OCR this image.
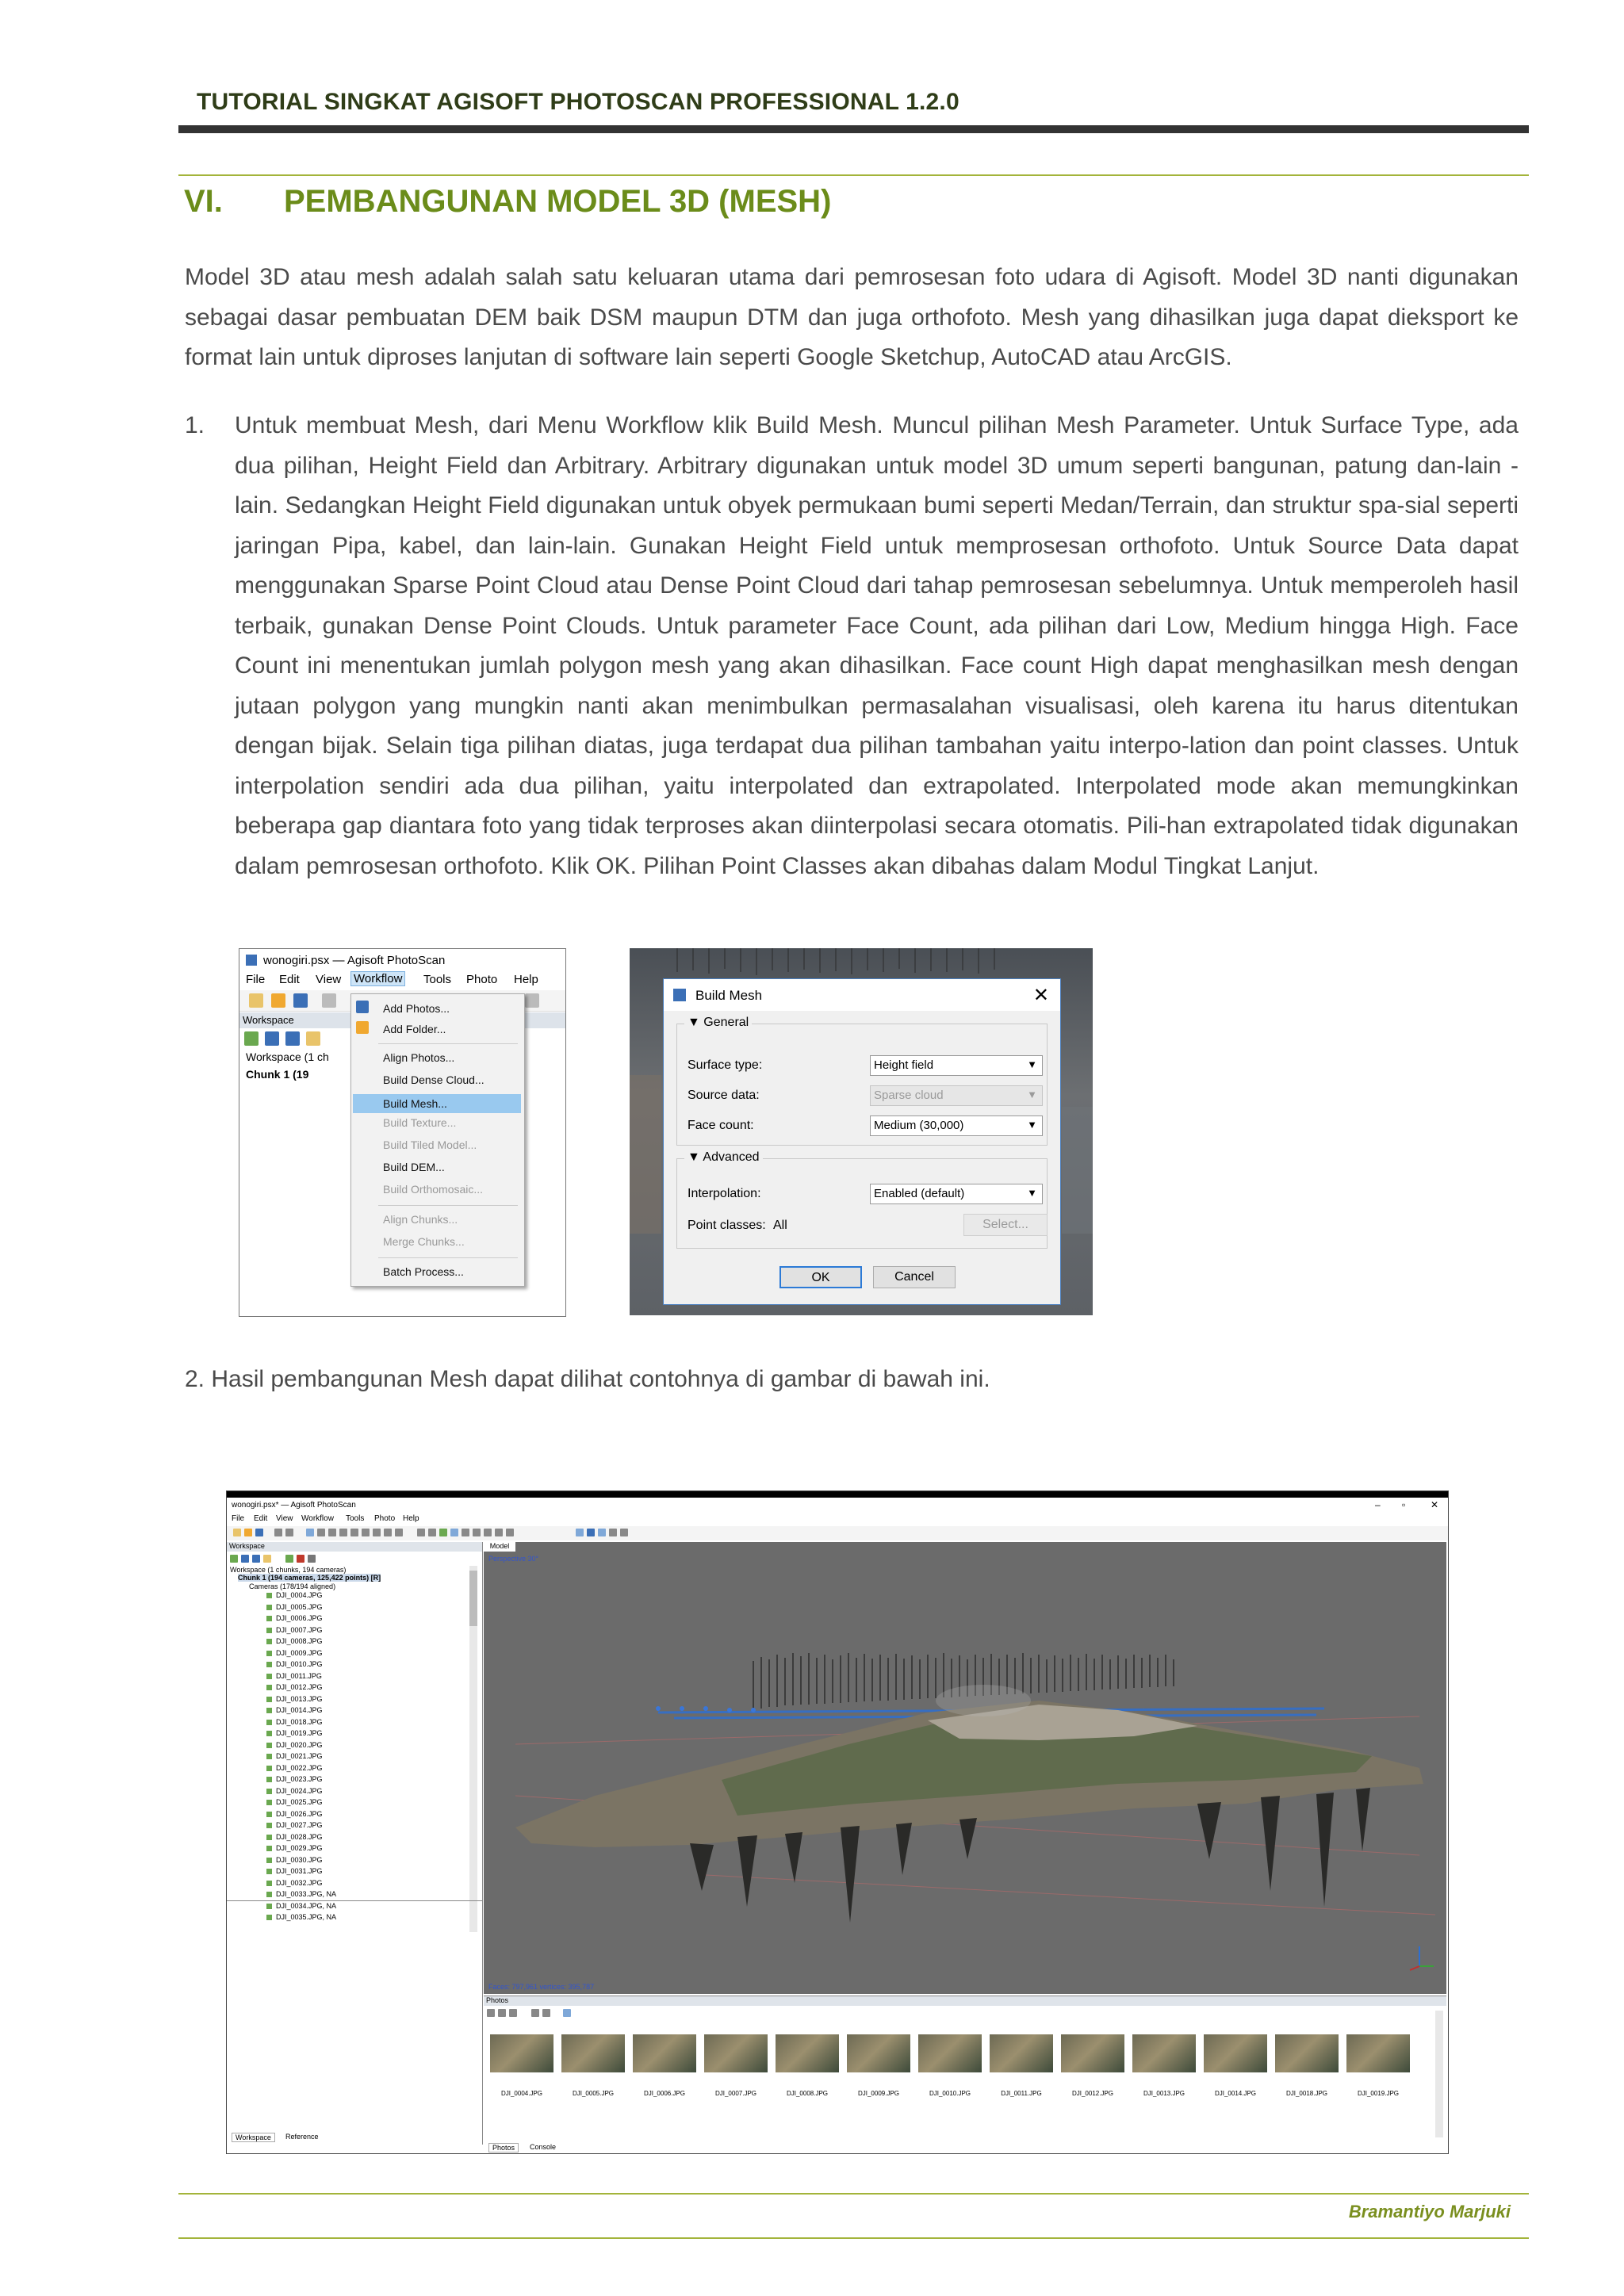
TUTORIAL SINGKAT AGISOFT PHOTOSCAN PROFESSIONAL 1.2.0
VI. PEMBANGUNAN MODEL 3D (MESH)
Model 3D atau mesh adalah salah satu keluaran utama dari pemrosesan foto udara di Agisoft. Model 3D nanti digunakan sebagai dasar pembuatan DEM baik DSM maupun DTM dan juga orthofoto. Mesh yang dihasilkan juga dapat dieksport ke format lain untuk diproses lanjutan di software lain seperti Google Sketchup, AutoCAD atau ArcGIS.
1. Untuk membuat Mesh, dari Menu Workflow klik Build Mesh. Muncul pilihan Mesh Parameter. Untuk Surface Type, ada dua pilihan, Height Field dan Arbitrary. Arbitrary digunakan untuk model 3D umum seperti bangunan, patung dan-lain - lain. Sedangkan Height Field digunakan untuk obyek permukaan bumi seperti Medan/Terrain, dan struktur spa-sial seperti jaringan Pipa, kabel, dan lain-lain. Gunakan Height Field untuk memprosesan orthofoto. Untuk Source Data dapat menggunakan Sparse Point Cloud atau Dense Point Cloud dari tahap pemrosesan sebelumnya. Untuk memperoleh hasil terbaik, gunakan Dense Point Clouds. Untuk parameter Face Count, ada pilihan dari Low, Medium hingga High. Face Count ini menentukan jumlah polygon mesh yang akan dihasilkan. Face count High dapat menghasilkan mesh dengan jutaan polygon yang mungkin nanti akan menimbulkan permasalahan visualisasi, oleh karena itu harus ditentukan dengan bijak. Selain tiga pilihan diatas, juga terdapat dua pilihan tambahan yaitu interpo-lation dan point classes. Untuk interpolation sendiri ada dua pilihan, yaitu interpolated dan extrapolated. Interpolated mode akan memungkinkan beberapa gap diantara foto yang tidak terproses akan diinterpolasi secara otomatis. Pili-han extrapolated tidak digunakan dalam pemrosesan orthofoto. Klik OK. Pilihan Point Classes akan dibahas dalam Modul Tingkat Lanjut.
wonogiri.psx — Agisoft PhotoScan
File Edit View Workflow Tools Photo Help
Workspace
Workspace (1 ch
Chunk 1 (19
Add Photos...
Add Folder...
Align Photos...
Build Dense Cloud...
Build Mesh...
Build Texture...
Build Tiled Model...
Build DEM...
Build Orthomosaic...
Align Chunks...
Merge Chunks...
Batch Process...
Build Mesh	✕
▼ General
Surface type:	Height field	▼
Source data:	Sparse cloud	▼
Face count:	Medium (30,000)	▼
▼ Advanced
Interpolation:	Enabled (default)	▼
Point classes: All	Select...
OK	Cancel
2. Hasil pembangunan Mesh dapat dilihat contohnya di gambar di bawah ini.
wonogiri.psx* — Agisoft PhotoScan	– ▫	✕
File Edit View Workflow Tools Photo Help
Workspace
Workspace (1 chunks, 194 cameras)
Chunk 1 (194 cameras, 125,422 points) [R]
Cameras (178/194 aligned)
DJI_0004.JPG
DJI_0005.JPG
DJI_0006.JPG
DJI_0007.JPG
DJI_0008.JPG
DJI_0009.JPG
DJI_0010.JPG
DJI_0011.JPG
DJI_0012.JPG
DJI_0013.JPG
DJI_0014.JPG
DJI_0018.JPG
DJI_0019.JPG
DJI_0020.JPG
DJI_0021.JPG
DJI_0022.JPG
DJI_0023.JPG
DJI_0024.JPG
DJI_0025.JPG
DJI_0026.JPG
DJI_0027.JPG
DJI_0028.JPG
DJI_0029.JPG
DJI_0030.JPG
DJI_0031.JPG
DJI_0032.JPG
DJI_0033.JPG, NA
DJI_0034.JPG, NA
DJI_0035.JPG, NA
Workspace	Reference
Model
Perspective 30°
Faces: 797,961 vertices: 395,787
Photos
DJI_0004.JPG	DJI_0005.JPG	DJI_0006.JPG	DJI_0007.JPG	DJI_0008.JPG	DJI_0009.JPG	DJI_0010.JPG	DJI_0011.JPG	DJI_0012.JPG	DJI_0013.JPG	DJI_0014.JPG	DJI_0018.JPG	DJI_0019.JPG
Photos	Console
Bramantiyo Marjuki
